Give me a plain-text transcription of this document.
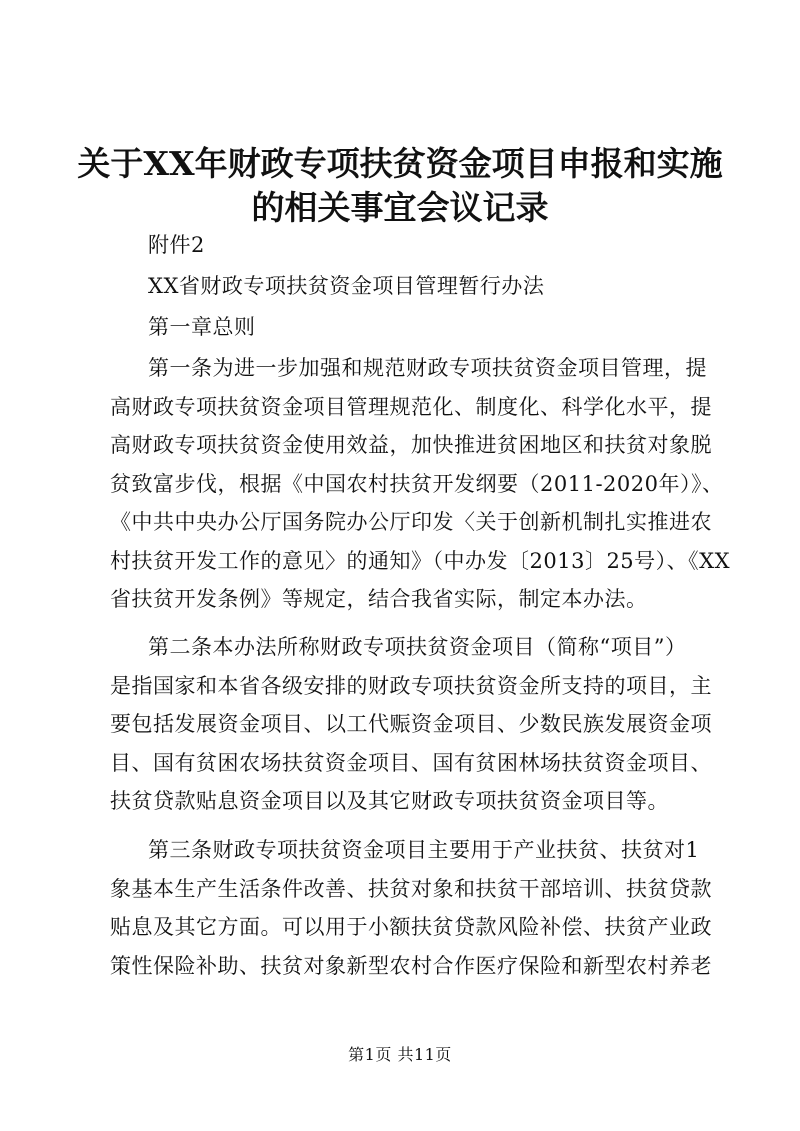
关于XX年财政专项扶贫资金项目申报和实施
的相关事宜会议记录

附件2

XX省财政专项扶贫资金项目管理暂行办法

第一章总则

第一条为进一步加强和规范财政专项扶贫资金项目管理，提
高财政专项扶贫资金项目管理规范化、制度化、科学化水平，提
高财政专项扶贫资金使用效益，加快推进贫困地区和扶贫对象脱
贫致富步伐，根据《中国农村扶贫开发纲要（2011-2020年）》、
《中共中央办公厅国务院办公厅印发〈关于创新机制扎实推进农
村扶贫开发工作的意见〉的通知》（中办发〔2013〕25号）、《XX
省扶贫开发条例》等规定，结合我省实际，制定本办法。

第二条本办法所称财政专项扶贫资金项目（简称“项目”）
是指国家和本省各级安排的财政专项扶贫资金所支持的项目，主
要包括发展资金项目、以工代赈资金项目、少数民族发展资金项
目、国有贫困农场扶贫资金项目、国有贫困林场扶贫资金项目、
扶贫贷款贴息资金项目以及其它财政专项扶贫资金项目等。

第三条财政专项扶贫资金项目主要用于产业扶贫、扶贫对1
象基本生产生活条件改善、扶贫对象和扶贫干部培训、扶贫贷款
贴息及其它方面。可以用于小额扶贫贷款风险补偿、扶贫产业政
策性保险补助、扶贫对象新型农村合作医疗保险和新型农村养老

第1页 共11页
